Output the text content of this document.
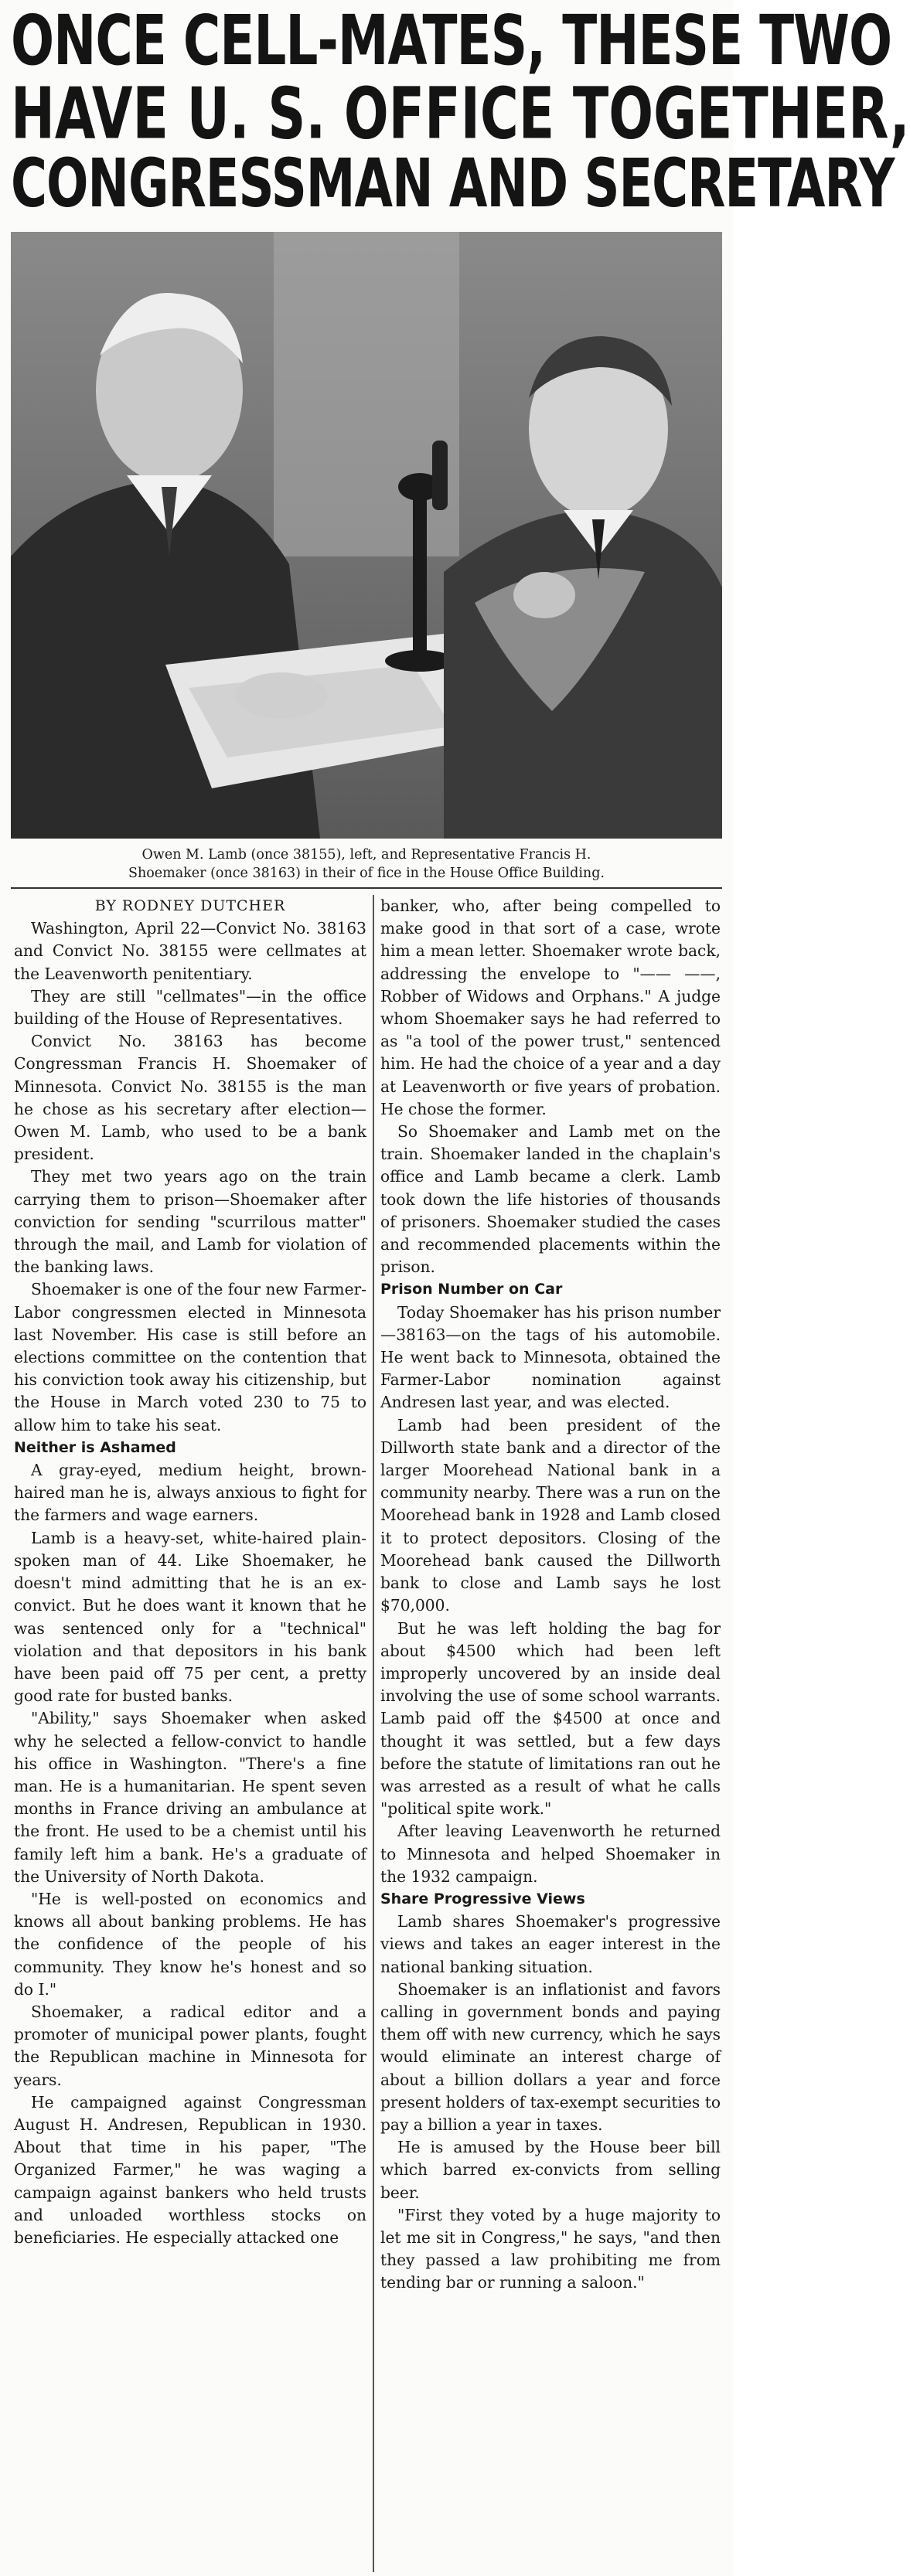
ONCE CELL-MATES, THESE TWO
HAVE U. S. OFFICE TOGETHER,
CONGRESSMAN AND SECRETARY
Owen M. Lamb (once 38155), left, and Representative Francis H.
Shoemaker (once 38163) in their of fice in the House Office Building.

BY RODNEY DUTCHER

Washington, April 22—Convict No. 38163 and Convict No. 38155 were cellmates at the Leavenworth penitentiary.

They are still "cellmates"—in the office building of the House of Representatives.

Convict No. 38163 has become Congressman Francis H. Shoemaker of Minnesota. Convict No. 38155 is the man he chose as his secretary after election—Owen M. Lamb, who used to be a bank president.

They met two years ago on the train carrying them to prison—Shoemaker after conviction for sending "scurrilous matter" through the mail, and Lamb for violation of the banking laws.

Shoemaker is one of the four new Farmer-Labor congressmen elected in Minnesota last November. His case is still before an elections committee on the contention that his conviction took away his citizenship, but the House in March voted 230 to 75 to allow him to take his seat.

Neither is Ashamed

A gray-eyed, medium height, brown-haired man he is, always anxious to fight for the farmers and wage earners.

Lamb is a heavy-set, white-haired plain-spoken man of 44. Like Shoemaker, he doesn't mind admitting that he is an ex-convict. But he does want it known that he was sentenced only for a "technical" violation and that depositors in his bank have been paid off 75 per cent, a pretty good rate for busted banks.

"Ability," says Shoemaker when asked why he selected a fellow-convict to handle his office in Washington. "There's a fine man. He is a humanitarian. He spent seven months in France driving an ambulance at the front. He used to be a chemist until his family left him a bank. He's a graduate of the University of North Dakota.

"He is well-posted on economics and knows all about banking problems. He has the confidence of the people of his community. They know he's honest and so do I."

Shoemaker, a radical editor and a promoter of municipal power plants, fought the Republican machine in Minnesota for years.

He campaigned against Congressman August H. Andresen, Republican in 1930. About that time in his paper, "The Organized Farmer," he was waging a campaign against bankers who held trusts and unloaded worthless stocks on beneficiaries. He especially attacked one

banker, who, after being compelled to make good in that sort of a case, wrote him a mean letter. Shoemaker wrote back, addressing the envelope to "—— ——, Robber of Widows and Orphans." A judge whom Shoemaker says he had referred to as "a tool of the power trust," sentenced him. He had the choice of a year and a day at Leavenworth or five years of probation. He chose the former.

So Shoemaker and Lamb met on the train. Shoemaker landed in the chaplain's office and Lamb became a clerk. Lamb took down the life histories of thousands of prisoners. Shoemaker studied the cases and recommended placements within the prison.

Prison Number on Car

Today Shoemaker has his prison number—38163—on the tags of his automobile. He went back to Minnesota, obtained the Farmer-Labor nomination against Andresen last year, and was elected.

Lamb had been president of the Dillworth state bank and a director of the larger Moorehead National bank in a community nearby. There was a run on the Moorehead bank in 1928 and Lamb closed it to protect depositors. Closing of the Moorehead bank caused the Dillworth bank to close and Lamb says he lost $70,000.

But he was left holding the bag for about $4500 which had been left improperly uncovered by an inside deal involving the use of some school warrants. Lamb paid off the $4500 at once and thought it was settled, but a few days before the statute of limitations ran out he was arrested as a result of what he calls "political spite work."

After leaving Leavenworth he returned to Minnesota and helped Shoemaker in the 1932 campaign.

Share Progressive Views

Lamb shares Shoemaker's progressive views and takes an eager interest in the national banking situation.

Shoemaker is an inflationist and favors calling in government bonds and paying them off with new currency, which he says would eliminate an interest charge of about a billion dollars a year and force present holders of tax-exempt securities to pay a billion a year in taxes.

He is amused by the House beer bill which barred ex-convicts from selling beer.

"First they voted by a huge majority to let me sit in Congress," he says, "and then they passed a law prohibiting me from tending bar or running a saloon."
